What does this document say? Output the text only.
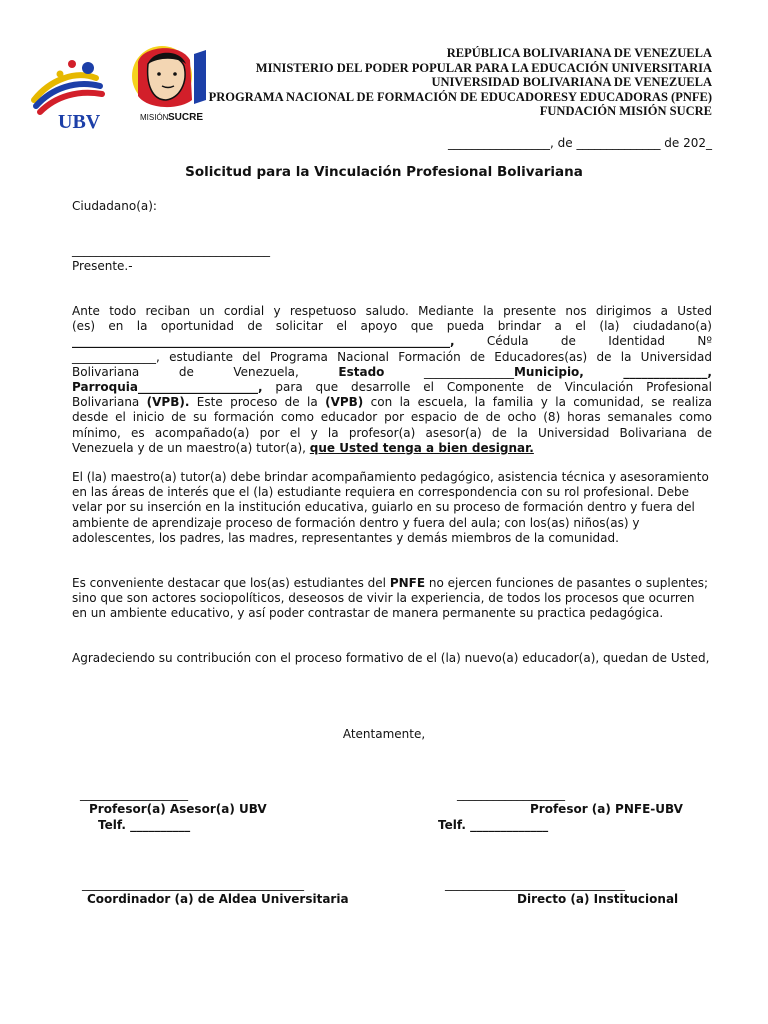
UBV	MISIÓN SUCRE
REPÚBLICA BOLIVARIANA DE VENEZUELA
MINISTERIO DEL PODER POPULAR PARA LA EDUCACIÓN UNIVERSITARIA
UNIVERSIDAD BOLIVARIANA DE VENEZUELA
PROGRAMA NACIONAL DE FORMACIÓN DE EDUCADORESY EDUCADORAS (PNFE)
FUNDACIÓN MISIÓN SUCRE
_________________, de ______________ de 202_
Solicitud para la Vinculación Profesional Bolivariana
Ciudadano(a):
_________________________________
Presente.-
Ante todo reciban un cordial y respetuoso saludo. Mediante la presente nos dirigimos a Usted
(es) en la oportunidad de solicitar el apoyo que pueda brindar a el (la) ciudadano(a)
_______________________________________________________________,	Cédula de Identidad Nº
______________, estudiante del Programa Nacional Formación de Educadores(as) de la Universidad
Bolivariana de Venezuela,	Estado	_______________Municipio,	______________,
Parroquia____________________, para que desarrolle el Componente de Vinculación Profesional
Bolivariana (VPB). Este proceso de la (VPB) con la escuela, la familia y la comunidad, se realiza
desde el inicio de su formación como educador por espacio de de ocho (8) horas semanales como
mínimo, es acompañado(a) por el y la profesor(a) asesor(a) de la Universidad Bolivariana de
Venezuela y de un maestro(a) tutor(a), que Usted tenga a bien designar.
El (la) maestro(a) tutor(a) debe brindar acompañamiento pedagógico, asistencia técnica y asesoramiento en las áreas de interés que el (la) estudiante requiera en correspondencia con su rol profesional. Debe velar por su inserción en la institución educativa, guiarlo en su proceso de formación dentro y fuera del ambiente de aprendizaje proceso de formación dentro y fuera del aula; con los(as) niños(as) y adolescentes, los padres, las madres, representantes y demás miembros de la comunidad.
Es conveniente destacar que los(as) estudiantes del PNFE no ejercen funciones de pasantes o suplentes; sino que son actores sociopolíticos, deseosos de vivir la experiencia, de todos los procesos que ocurren en un ambiente educativo, y así poder contrastar de manera permanente su practica pedagógica.
Agradeciendo su contribución con el proceso formativo de el (la) nuevo(a) educador(a), quedan de Usted,
Atentamente,
__________________	__________________
Profesor(a) Asesor(a) UBV	Profesor (a) PNFE-UBV
Telf. __________	Telf. _____________
_____________________________________	______________________________
Coordinador (a) de Aldea Universitaria	Directo (a) Institucional
